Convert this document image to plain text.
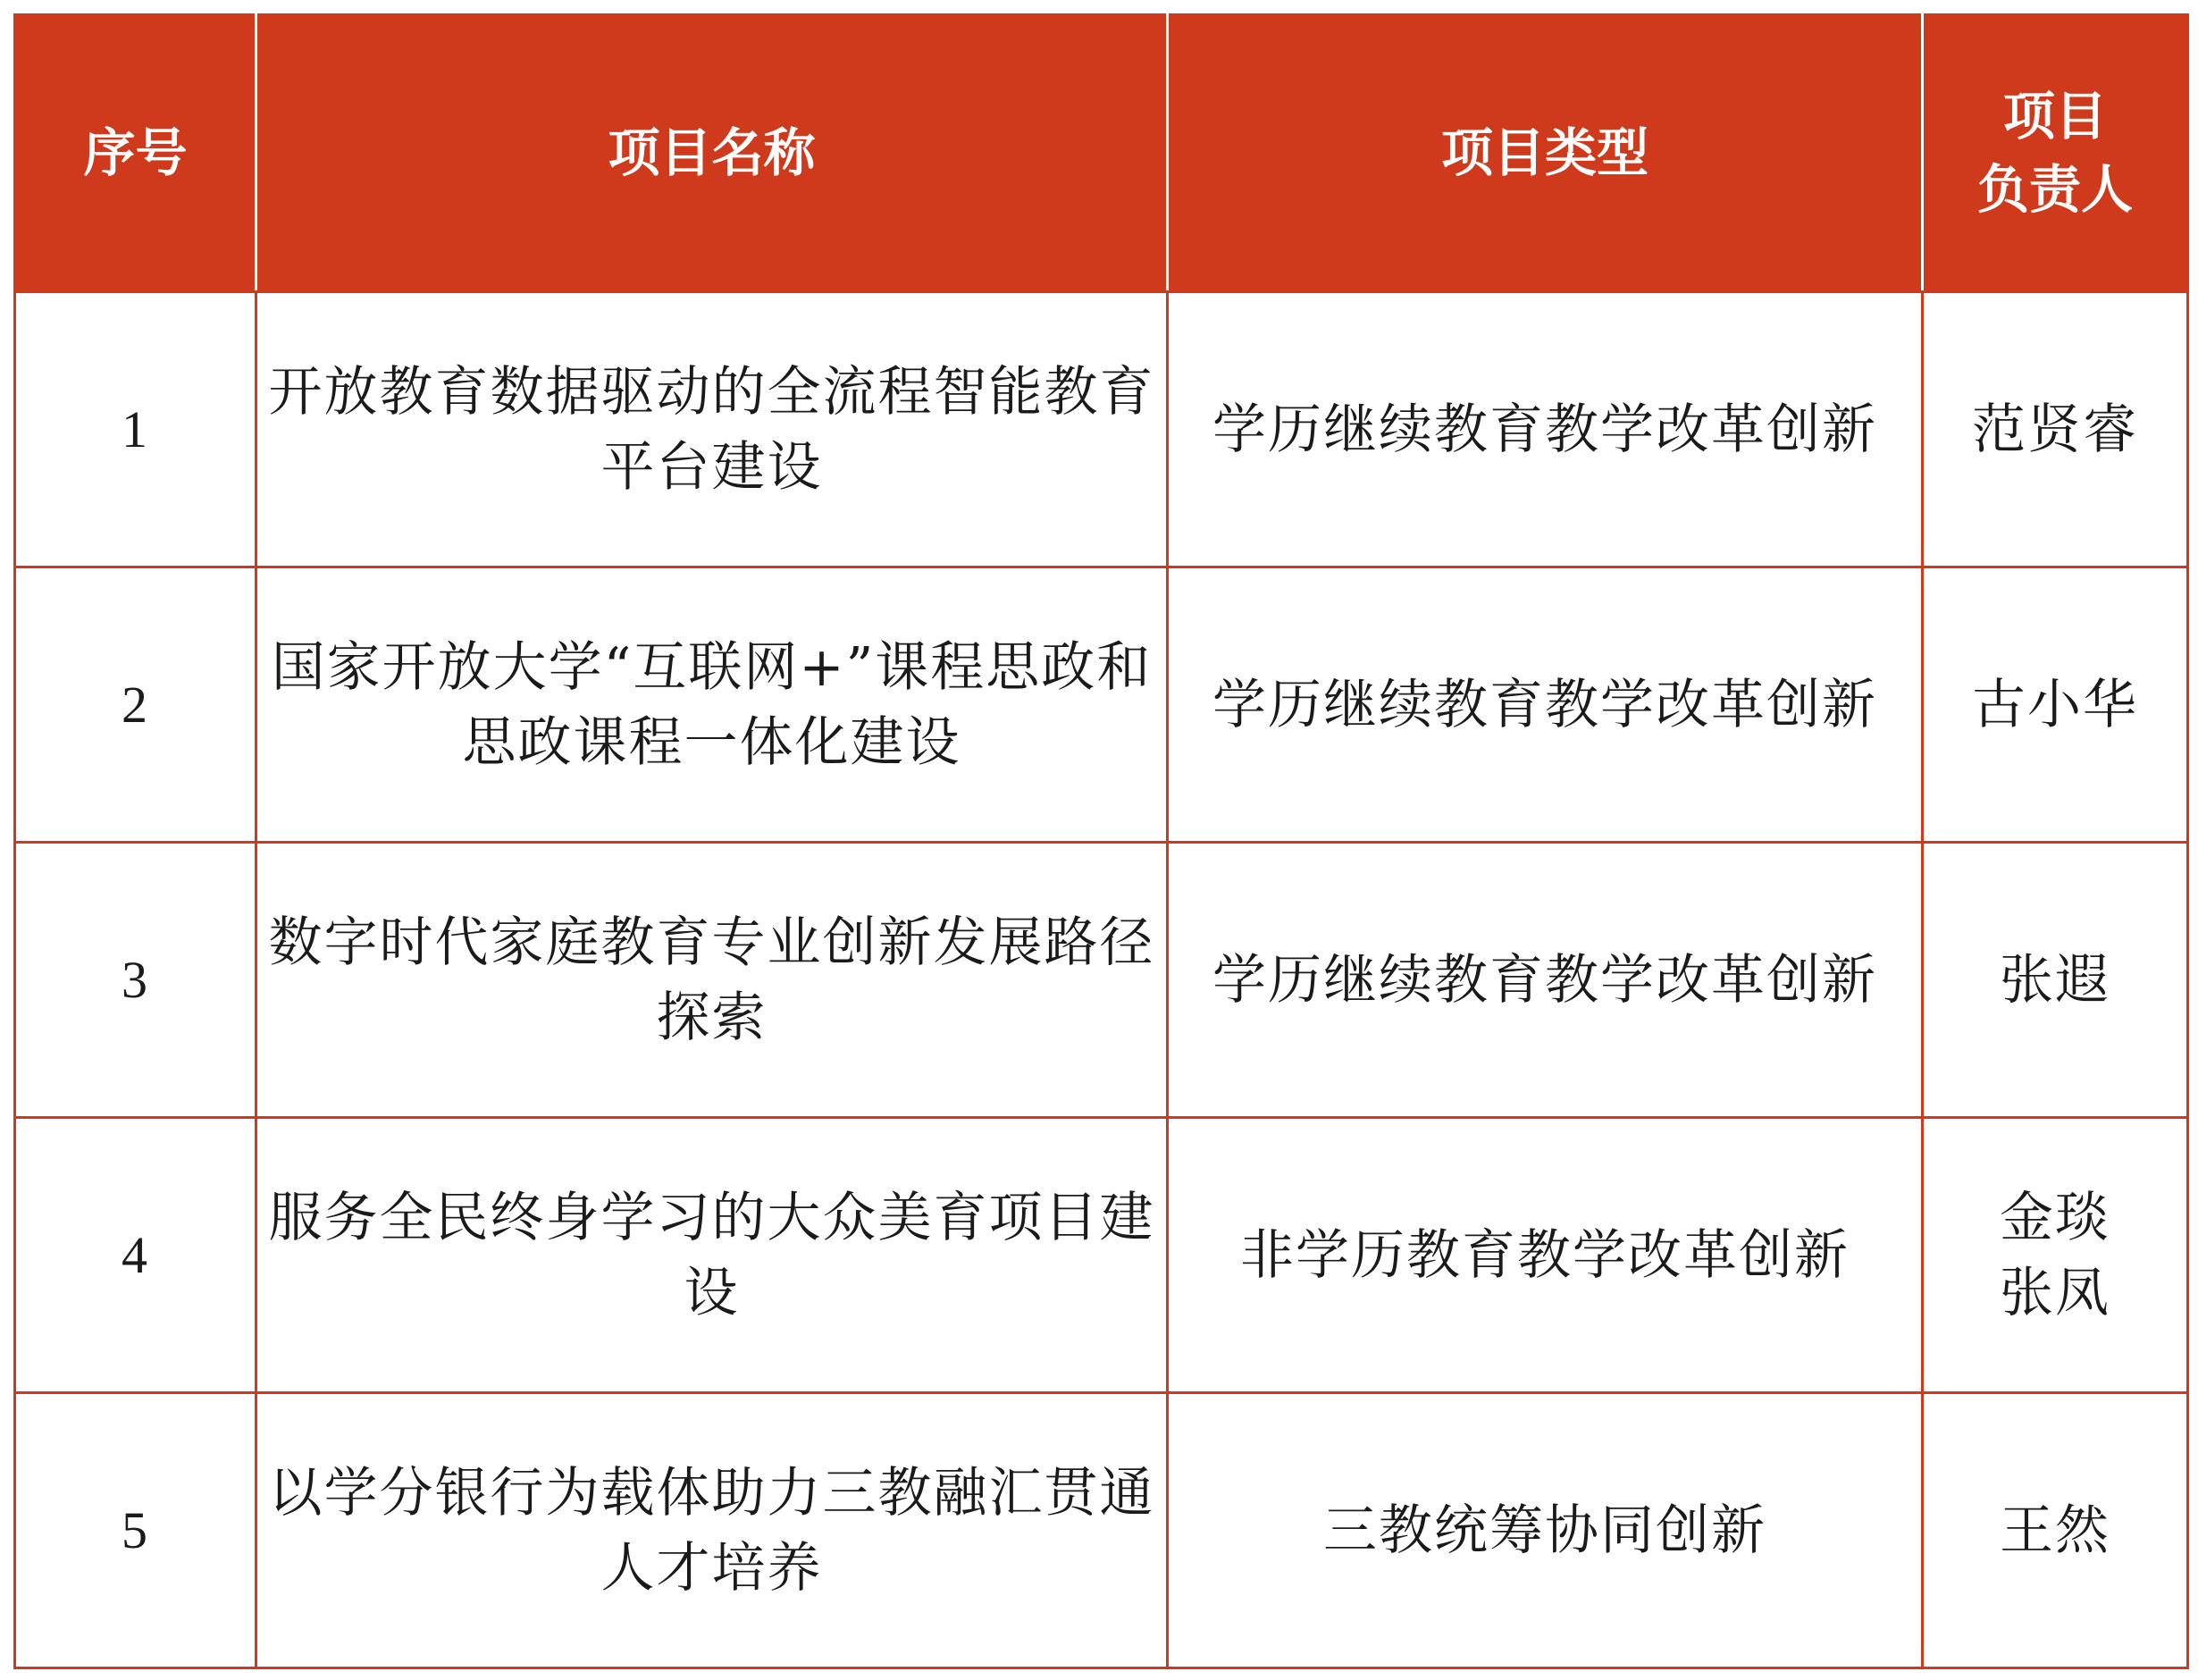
序号	项目名称	项目类型	项目
负责人

1	开放教育数据驱动的全流程智能教育平台建设	学历继续教育教学改革创新	范贤睿

2	国家开放大学“互联网+”课程思政和思政课程一体化建设	学历继续教育教学改革创新	古小华

3	数字时代家庭教育专业创新发展路径探索	学历继续教育教学改革创新	张遐

4	服务全民终身学习的大众美育项目建设	非学历教育教学改革创新	金琰
张凤

5	以学分银行为载体助力三教融汇贯通人才培养	三教统筹协同创新	王然
